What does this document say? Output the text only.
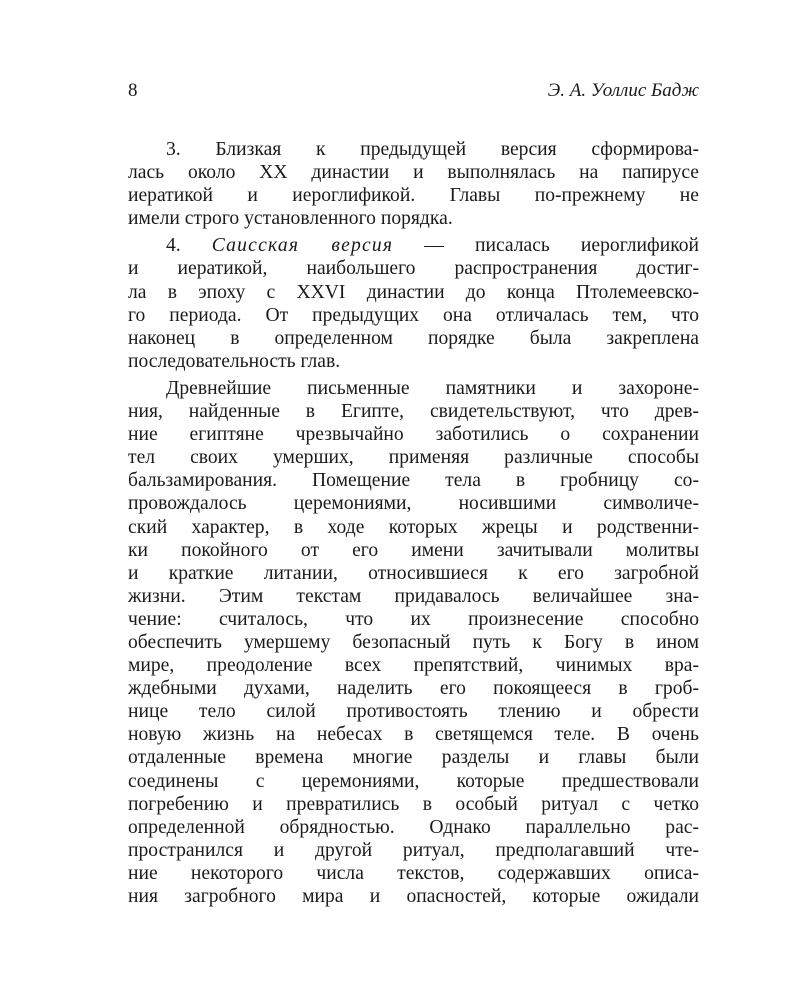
8	Э. А. Уоллис Бадж
3. Близкая к предыдущей версия сформирова-
лась около XX династии и выполнялась на папирусе
иератикой и иероглификой. Главы по-прежнему не
имели строго установленного порядка.
4. Саисская версия — писалась иероглификой
и иератикой, наибольшего распространения достиг-
ла в эпоху с XXVI династии до конца Птолемеевско-
го периода. От предыдущих она отличалась тем, что
наконец в определенном порядке была закреплена
последовательность глав.
Древнейшие письменные памятники и захороне-
ния, найденные в Египте, свидетельствуют, что древ-
ние египтяне чрезвычайно заботились о сохранении
тел своих умерших, применяя различные способы
бальзамирования. Помещение тела в гробницу со-
провождалось церемониями, носившими символиче-
ский характер, в ходе которых жрецы и родственни-
ки покойного от его имени зачитывали молитвы
и краткие литании, относившиеся к его загробной
жизни. Этим текстам придавалось величайшее зна-
чение: считалось, что их произнесение способно
обеспечить умершему безопасный путь к Богу в ином
мире, преодоление всех препятствий, чинимых вра-
ждебными духами, наделить его покоящееся в гроб-
нице тело силой противостоять тлению и обрести
новую жизнь на небесах в светящемся теле. В очень
отдаленные времена многие разделы и главы были
соединены с церемониями, которые предшествовали
погребению и превратились в особый ритуал с четко
определенной обрядностью. Однако параллельно рас-
пространился и другой ритуал, предполагавший чте-
ние некоторого числа текстов, содержавших описа-
ния загробного мира и опасностей, которые ожидали
